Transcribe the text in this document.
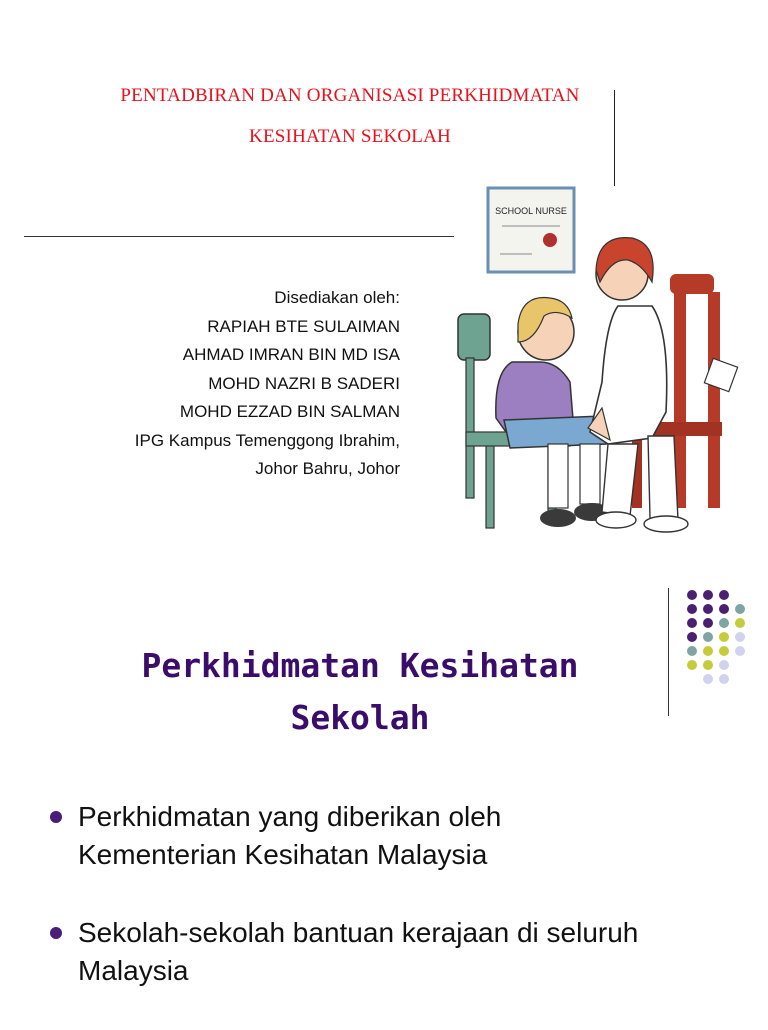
PENTADBIRAN DAN ORGANISASI PERKHIDMATAN
KESIHATAN SEKOLAH
Disediakan oleh:
RAPIAH BTE SULAIMAN
AHMAD IMRAN BIN MD ISA
MOHD NAZRI B SADERI
MOHD EZZAD BIN SALMAN
IPG Kampus Temenggong Ibrahim,
Johor Bahru, Johor
SCHOOL NURSE
Perkhidmatan Kesihatan
Sekolah
Perkhidmatan yang diberikan oleh
Kementerian Kesihatan Malaysia
Sekolah-sekolah bantuan kerajaan di seluruh
Malaysia
